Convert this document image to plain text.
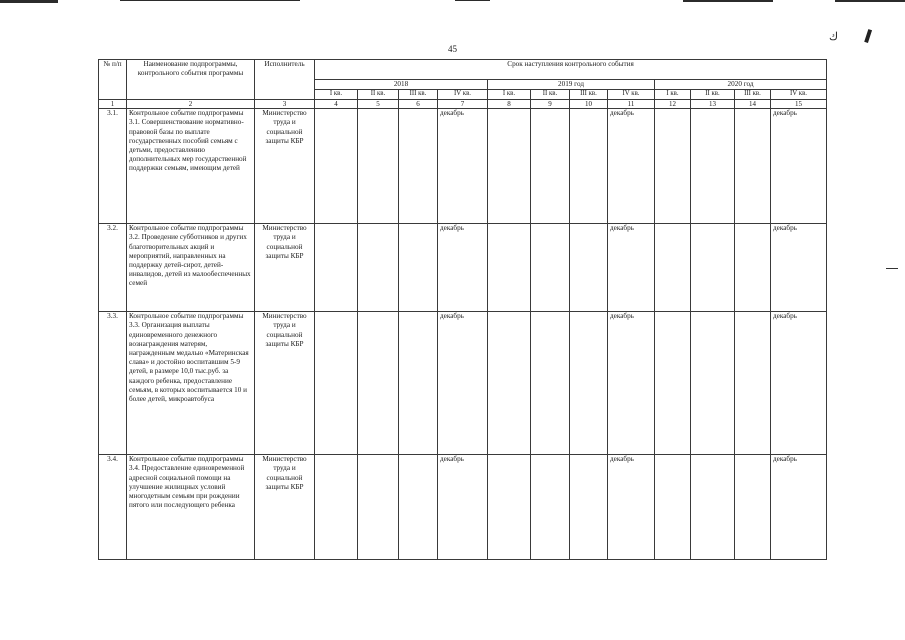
ك ▌
45
№ п/п	Наименование подпрограммы, контрольного события программы	Исполнитель	Срок наступления контрольного события											
			2018				2019 год				2020 год			
			I кв.	II кв.	III кв.	IV кв.	I кв.	II кв.	III кв.	IV кв.	I кв.	II кв.	III кв.	IV кв.
1	2	3	4	5	6	7	8	9	10	11	12	13	14	15
3.1.	Контрольное событие подпрограммы 3.1. Совершенствование нормативно-правовой базы по выплате государственных пособий семьям с детьми, предоставлению дополнительных мер государственной поддержки семьям, имеющим детей	Министерство труда и социальной защиты КБР				декабрь				декабрь				декабрь
3.2.	Контрольное событие подпрограммы 3.2. Проведение субботников и других благотворительных акций и мероприятий, направленных на поддержку детей-сирот, детей-инвалидов, детей из малообеспеченных семей	Министерство труда и социальной защиты КБР				декабрь				декабрь				декабрь
3.3.	Контрольное событие подпрограммы 3.3. Организация выплаты единовременного денежного вознаграждения матерям, награжденным медалью «Материнская слава» и достойно воспитавшим 5-9 детей, в размере 10,0 тыс.руб. за каждого ребенка, предоставление семьям, в которых воспитывается 10 и более детей, микроавтобуса	Министерство труда и социальной защиты КБР				декабрь				декабрь				декабрь
3.4.	Контрольное событие подпрограммы 3.4. Предоставление единовременной адресной социальной помощи на улучшение жилищных условий многодетным семьям при рождении пятого или последующего ребенка	Министерство труда и социальной защиты КБР				декабрь				декабрь				декабрь
